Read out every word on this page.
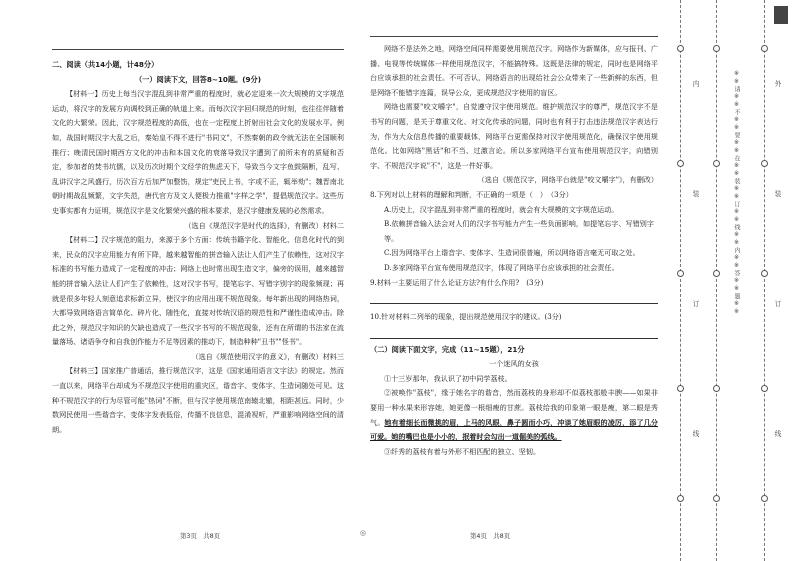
二、阅读（共14小题，计48分）
（一）阅读下文，回答8~10题。(9分)

【材料一】历史上每当汉字混乱到非常严重的程度时，就必定迎来一次大规模的文字规范运动，将汉字的发展方向调校到正确的轨道上来。而每次汉字回归规范的时刻，也往往伴随着文化的大繁荣。因此，汉字规范程度的高低，也在一定程度上折射出社会文化的发展水平。例如，战国时期汉字大乱之后，秦始皇不得不进行"书同文"，不然秦朝的政令就无法在全国顺利推行；晚清民国时期西方文化的冲击和本国文化的衰落导致汉字遭到了前所未有的质疑和否定，参加者的焚书坑儒，以及历次时期个文经学的焦虑天下，导致当今文字鱼鼓隔断，乱写、乱讲汉字之风盛行，历次百方后加严加整饬，规定"吏民上书，字或不正，辄举劾"；魏晋南北朝时期战乱频繁，文字失范，唐代官方及文人便极力推重"字样之学"，提倡规范汉字。这些历史事实都有力证明，规范汉字是文化繁荣兴盛的根本要求，是汉字健康发展的必然需求。

（选自《规范汉字是时代的选择》，有删改）材料二

【材料二】汉字规范的阻力，来源于多个方面：传统书籍字化、智能化、信息化时代的到来，民众的汉字应用能力有所下降，越来越智能的拼音输入法让人们产生了依赖性，这对汉字标准的书写能力造成了一定程度的冲击；网络上也时常出现生造文字，偏旁的误用，越来越智能的拼音输入法让人们产生了依赖性，这对汉字书写，提笔忘字、写错字别字的现象频现；再就是很多年轻人刻意追求标新立异，使汉字的应用出现不规范现象。每年新出现的网络热词，大都导致网络语言简单化、碎片化、随性化，直接对传统汉语的规范性和严谨性造成冲击。除此之外，规范汉字知识的欠缺也造成了一些汉字书写的不规范现象，还有在所谓的书法家在流量落场、诸语争夺和自我创作能力不足等因素的推动下，制造种种"丑书""怪书"。

（选自《规范使用汉字的意义》，有删改）材料三

【材料三】国家推广普通话，推行规范汉字，这是《国家通用语言文字法》的规定。然而一直以来，网络平台却成为不规范汉字使用的重灾区，谐音字、变体字、生造词随处可见。这种不规范汉字的行为尽管可能"热词"不断，但与汉字使用规范南辕北辙，相距甚远。同时，少数网民使用一些谐音字、变体字发表低俗，传播不良信息，混淆视听，严重影响网络空间的清朗。

网络不是法外之地，网络空间同样需要使用规范汉字。网络作为新媒体，应与报刊、广播、电视等传统媒体一样使用规范汉字，不能搞特殊。这既是法律的规定，同时也是网络平台应该承担的社会责任。不可否认，网络语言的出现给社会公众带来了一些新鲜的东西，但是网络不能错字连篇，误导公众，更成规范汉字使用的盲区。

网络也需要"咬文嚼字"，自觉遵守汉字使用规范。维护规范汉字的尊严，规范汉字不是书写的问题，是关于尊重文化、对文化传承的问题，同时也有利于打击违法规范汉字表达行为，作为大众信息传播的重要载体，网络平台更需保持对汉字使用规范化，确保汉字使用规范化。比如网络"黑话"和不当、过激言论。所以多家网络平台宣布使用规范汉字，向错别字、不规范汉字说"不"，这是一件好事。

（选自《规范汉字，网络平台就是"咬文嚼字"》，有删改）

8.下列对以上材料的理解和判断，不正确的一项是（　）　（3分）

A.历史上，汉字混乱到非常严重的程度时，就会有大规模的文字规范运动。

B.依赖拼音输入法会对人们的汉字书写能力产生一些负面影响，如提笔忘字、写错别字等。

C.因为网络平台上谐音字、变体字、生造词很普遍，所以网络语言毫无可取之处。

D.多家网络平台宣布使用规范汉字，体现了网络平台应该承担的社会责任。

9.材料一主要运用了什么论证方法?有什么作用?　(3分)

10.针对材料二列举的现象，提出规范使用汉字的建议。(3分)

（二）阅读下面文字，完成（11~15题），21分

一个迷风的女孩

①十三岁那年，我认识了初中同学荔枝。

②被唤作"荔枝"，缘于她名字的谐音，然而荔枝的身形却不似荔枝那般丰腴——如果非要用一种水果来形容她，她更像一根细瘦的甘蔗。荔枝给我的印象第一眼是瘦，第二眼是秀气。她有着细长而微挑的眉，上马的风眼，鼻子圆而小巧，冲谈了她眉眼的凌厉，添了几分可爱。她的嘴巴也是小小的，抿着时会勾出一道倔美的弧线。

③纤秀的荔枝有着与外形不相匹配的独立、坚韧。

第3页　共8页	◎	第4页　共8页
※※请※※不※※要※※在※※装※※订※※线※※内※※答※※题※※
内
装
订
线
外
装
订
线
